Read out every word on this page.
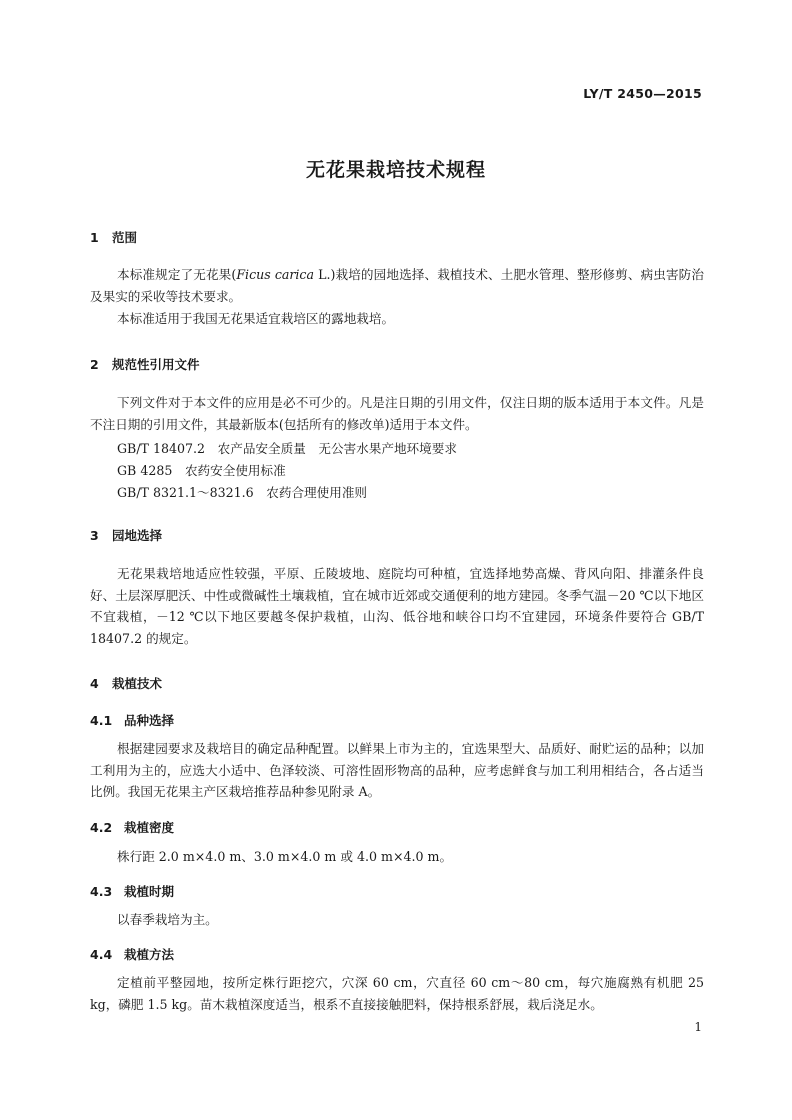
LY/T 2450—2015
无花果栽培技术规程
1 范围
本标准规定了无花果(Ficus carica L.)栽培的园地选择、栽植技术、土肥水管理、整形修剪、病虫害防治及果实的采收等技术要求。
本标准适用于我国无花果适宜栽培区的露地栽培。
2 规范性引用文件
下列文件对于本文件的应用是必不可少的。凡是注日期的引用文件，仅注日期的版本适用于本文件。凡是不注日期的引用文件，其最新版本(包括所有的修改单)适用于本文件。
GB/T 18407.2　农产品安全质量　无公害水果产地环境要求
GB 4285　农药安全使用标准
GB/T 8321.1～8321.6　农药合理使用准则
3 园地选择
无花果栽培地适应性较强，平原、丘陵坡地、庭院均可种植，宜选择地势高燥、背风向阳、排灌条件良好、土层深厚肥沃、中性或微碱性土壤栽植，宜在城市近郊或交通便利的地方建园。冬季气温－20 ℃以下地区不宜栽植，－12 ℃以下地区要越冬保护栽植，山沟、低谷地和峡谷口均不宜建园，环境条件要符合 GB/T 18407.2 的规定。
4 栽植技术
4.1 品种选择
根据建园要求及栽培目的确定品种配置。以鲜果上市为主的，宜选果型大、品质好、耐贮运的品种；以加工利用为主的，应选大小适中、色泽较淡、可溶性固形物高的品种，应考虑鲜食与加工利用相结合，各占适当比例。我国无花果主产区栽培推荐品种参见附录 A。
4.2 栽植密度
株行距 2.0 m×4.0 m、3.0 m×4.0 m 或 4.0 m×4.0 m。
4.3 栽植时期
以春季栽培为主。
4.4 栽植方法
定植前平整园地，按所定株行距挖穴，穴深 60 cm，穴直径 60 cm～80 cm，每穴施腐熟有机肥 25 kg，磷肥 1.5 kg。苗木栽植深度适当，根系不直接接触肥料，保持根系舒展，栽后浇足水。
1
